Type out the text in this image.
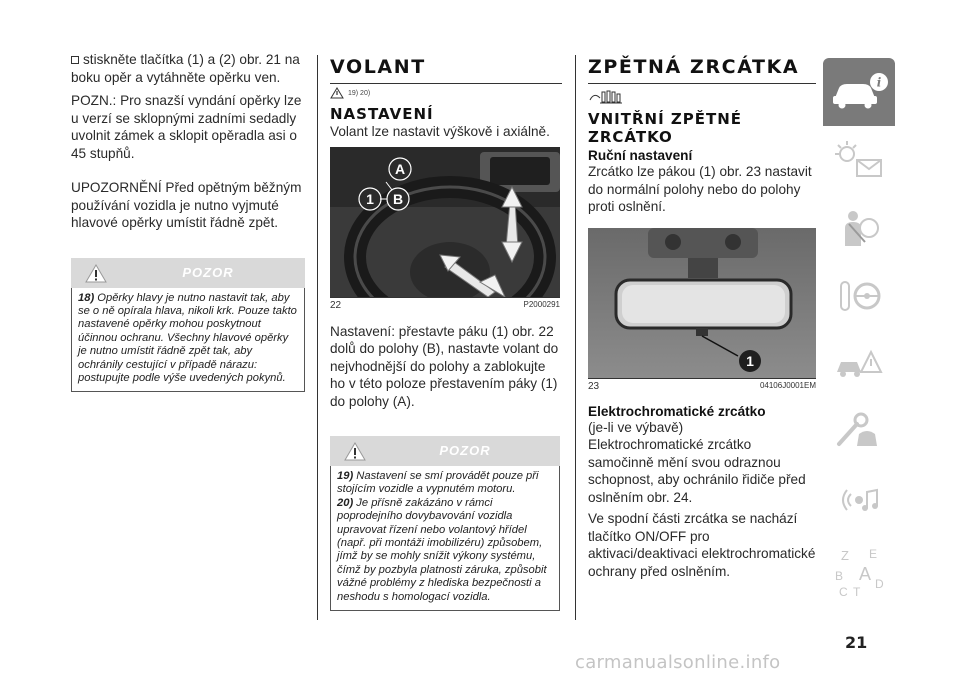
stiskněte tlačítka (1) a (2) obr. 21 na boku opěr a vytáhněte opěrku ven.
POZN.: Pro snazší vyndání opěrky lze u verzí se sklopnými zadními sedadly uvolnit zámek a sklopit opěradla asi o 45 stupňů.
UPOZORNĚNÍ Před opětným běžným používání vozidla je nutno vyjmuté hlavové opěrky umístit řádně zpět.
POZOR
18) Opěrky hlavy je nutno nastavit tak, aby se o ně opírala hlava, nikoli krk. Pouze takto nastavené opěrky mohou poskytnout účinnou ochranu. Všechny hlavové opěrky je nutno umístit řádně zpět tak, aby ochránily cestující v případě nárazu: postupujte podle výše uvedených pokynů.
VOLANT
19) 20)
NASTAVENÍ
Volant lze nastavit výškově i axiálně.
A
1 B
22	P2000291
Nastavení: přestavte páku (1) obr. 22 dolů do polohy (B), nastavte volant do nejvhodnější do polohy a zablokujte ho v této poloze přestavením páky (1) do polohy (A).
POZOR
19) Nastavení se smí provádět pouze při stojícím vozidle a vypnutém motoru.
20) Je přísně zakázáno v rámci poprodejního dovybavování vozidla upravovat řízení nebo volantový hřídel (např. při montáži imobilizéru) způsobem, jímž by se mohly snížit výkony systému, čímž by pozbyla platnosti záruka, způsobit vážné problémy z hlediska bezpečnosti a neshodu s homologací vozidla.
ZPĚTNÁ ZRCÁTKA
VNITŘNÍ ZPĚTNÉ ZRCÁTKO
Ruční nastavení
Zrcátko lze pákou (1) obr. 23 nastavit do normální polohy nebo do polohy proti oslnění.
1
23	04106J0001EM
Elektrochromatické zrcátko
(je-li ve výbavě)
Elektrochromatické zrcátko samočinně mění svou odraznou schopnost, aby ochránilo řidiče před oslněním obr. 24.
Ve spodní části zrcátka se nachází tlačítko ON/OFF pro aktivaci/deaktivaci elektrochromatické ochrany před oslněním.
i
Z E
B A
C T
D
21
carmanualsonline.info
